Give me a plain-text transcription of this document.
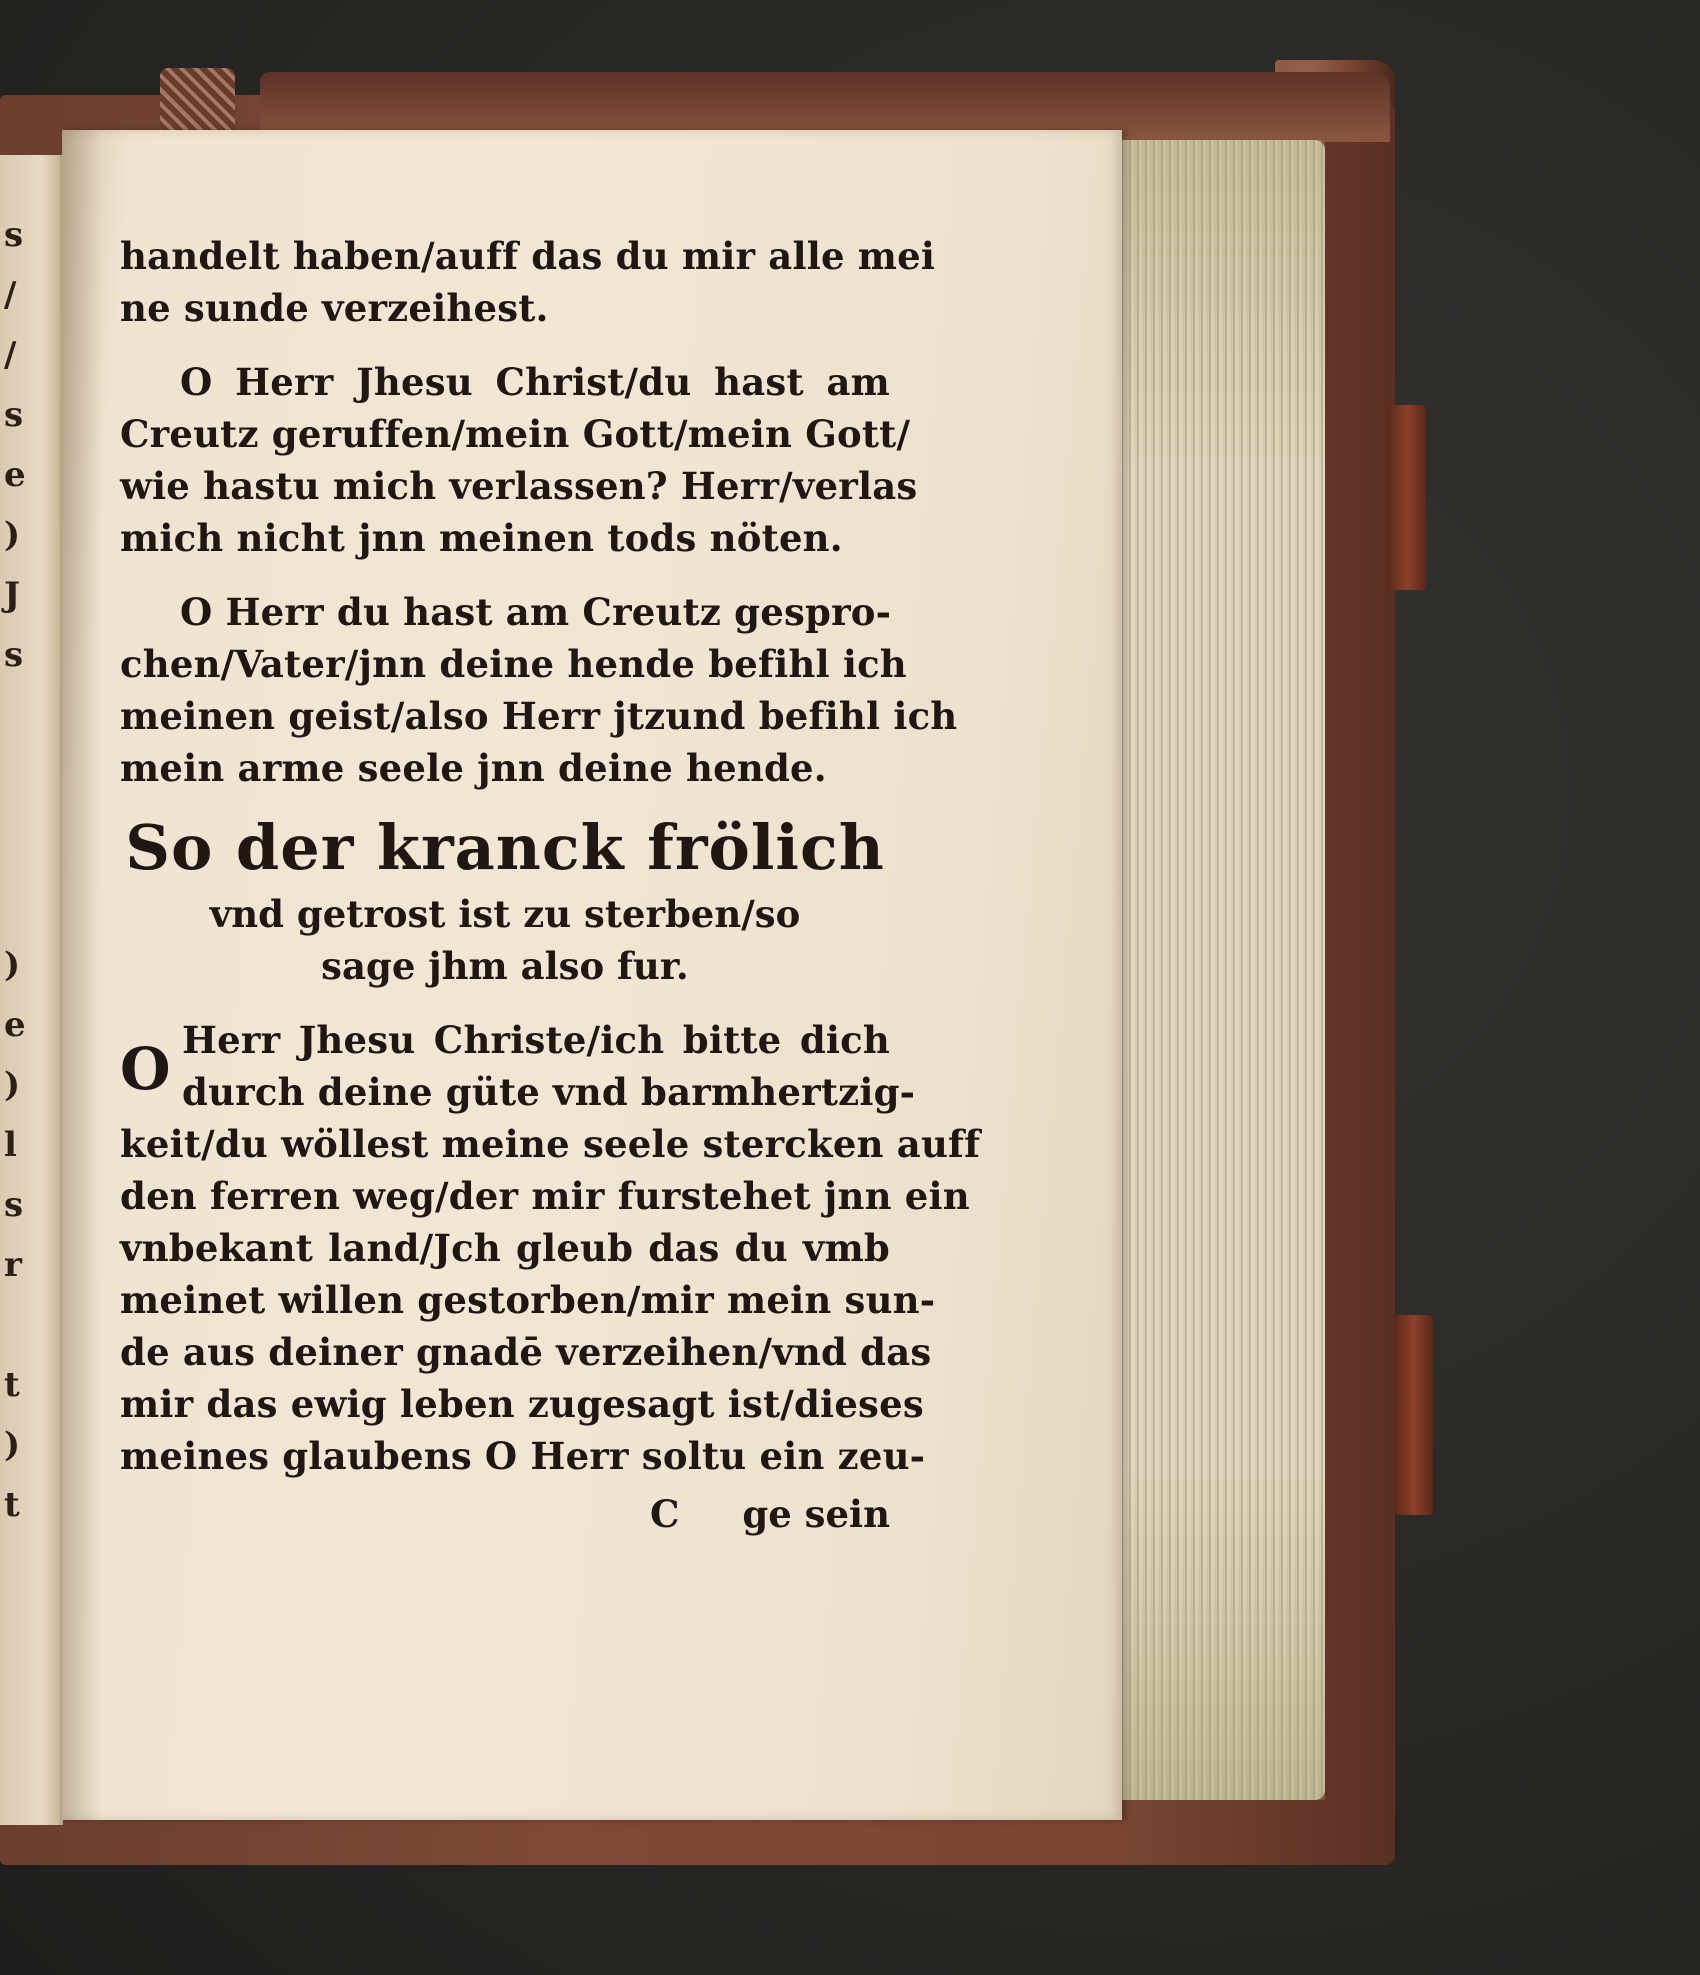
s
/
/
s
e
)
J
s
)
e
)
l
s
r
t
)
t
handelt haben/auff das du mir alle mei
ne sunde verzeihest.
O Herr Jhesu Christ/du hast am
Creutz geruffen/mein Gott/mein Gott/
wie hastu mich verlassen? Herr/verlas
mich nicht jnn meinen tods nöten.
O Herr du hast am Creutz gespro-
chen/Vater/jnn deine hende befihl ich
meinen geist/also Herr jtzund befihl ich
mein arme seele jnn deine hende.
So der kranck frölich
vnd getrost ist zu sterben/so
sage jhm also fur.
O Herr Jhesu Christe/ich bitte dich
durch deine güte vnd barmhertzig-
keit/du wöllest meine seele stercken auff
den ferren weg/der mir furstehet jnn ein
vnbekant land/Jch gleub das du vmb
meinet willen gestorben/mir mein sun-
de aus deiner gnadē verzeihen/vnd das
mir das ewig leben zugesagt ist/dieses
meines glaubens O Herr soltu ein zeu-
C ge sein
